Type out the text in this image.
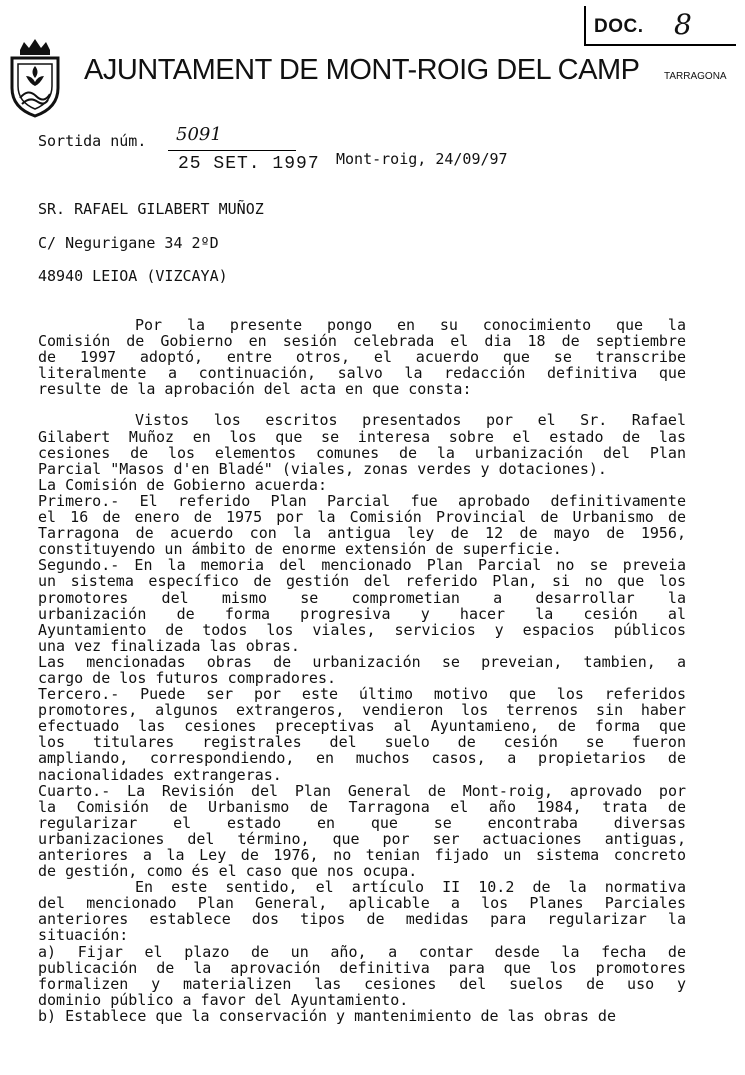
DOC. 8
AJUNTAMENT DE MONT-ROIG DEL CAMP TARRAGONA
Sortida núm. 5091
25 SET. 1997 Mont-roig, 24/09/97
SR. RAFAEL GILABERT MUÑOZ
C/ Negurigane 34 2ºD
48940 LEIOA (VIZCAYA)

Por la presente pongo en su conocimiento que la

Comisión de Gobierno en sesión celebrada el dia 18 de septiembre

de 1997 adoptó, entre otros, el acuerdo que se transcribe

literalmente a continuación, salvo la redacción definitiva que

resulte de la aprobación del acta en que consta:

Vistos los escritos presentados por el Sr. Rafael

Gilabert Muñoz en los que se interesa sobre el estado de las

cesiones de los elementos comunes de la urbanización del Plan

Parcial "Masos d'en Bladé" (viales, zonas verdes y dotaciones).

La Comisión de Gobierno acuerda:

Primero.- El referido Plan Parcial fue aprobado definitivamente

el 16 de enero de 1975 por la Comisión Provincial de Urbanismo de

Tarragona de acuerdo con la antigua ley de 12 de mayo de 1956,

constituyendo un ámbito de enorme extensión de superficie.

Segundo.- En la memoria del mencionado Plan Parcial no se preveia

un sistema específico de gestión del referido Plan, si no que los

promotores del mismo se comprometian a desarrollar la

urbanización de forma progresiva y hacer la cesión al

Ayuntamiento de todos los viales, servicios y espacios públicos

una vez finalizada las obras.

Las mencionadas obras de urbanización se preveian, tambien, a

cargo de los futuros compradores.

Tercero.- Puede ser por este último motivo que los referidos

promotores, algunos extrangeros, vendieron los terrenos sin haber

efectuado las cesiones preceptivas al Ayuntamieno, de forma que

los titulares registrales del suelo de cesión se fueron

ampliando, correspondiendo, en muchos casos, a propietarios de

nacionalidades extrangeras.

Cuarto.- La Revisión del Plan General de Mont-roig, aprovado por

la Comisión de Urbanismo de Tarragona el año 1984, trata de

regularizar el estado en que se encontraba diversas

urbanizaciones del término, que por ser actuaciones antiguas,

anteriores a la Ley de 1976, no tenian fijado un sistema concreto

de gestión, como és el caso que nos ocupa.

En este sentido, el artículo II 10.2 de la normativa

del mencionado Plan General, aplicable a los Planes Parciales

anteriores establece dos tipos de medidas para regularizar la

situación:

a) Fijar el plazo de un año, a contar desde la fecha de

publicación de la aprovación definitiva para que los promotores

formalizen y materializen las cesiones del suelos de uso y

dominio público a favor del Ayuntamiento.

b) Establece que la conservación y mantenimiento de las obras de
